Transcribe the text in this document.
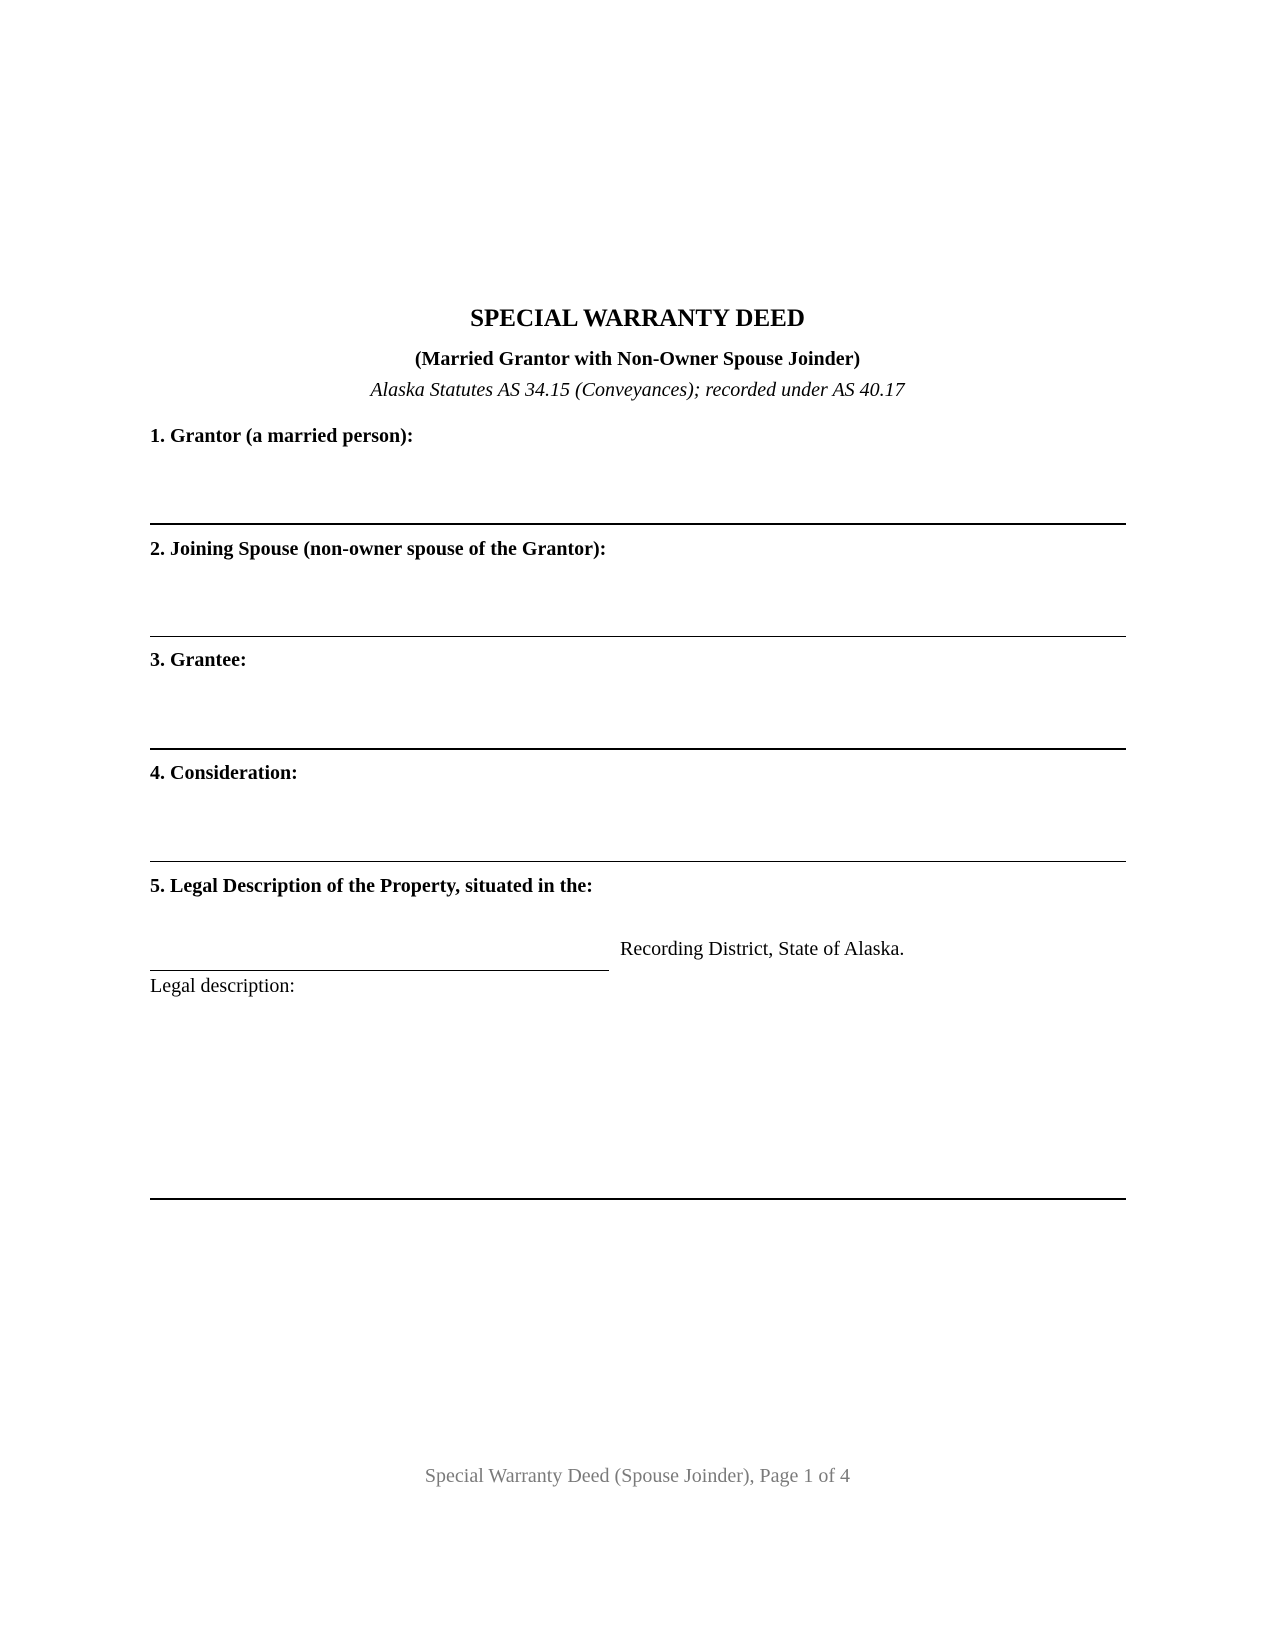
SPECIAL WARRANTY DEED
(Married Grantor with Non-Owner Spouse Joinder)
Alaska Statutes AS 34.15 (Conveyances); recorded under AS 40.17
1. Grantor (a married person):
2. Joining Spouse (non-owner spouse of the Grantor):
3. Grantee:
4. Consideration:
5. Legal Description of the Property, situated in the:
Recording District, State of Alaska.
Legal description:
Special Warranty Deed (Spouse Joinder), Page 1 of 4
